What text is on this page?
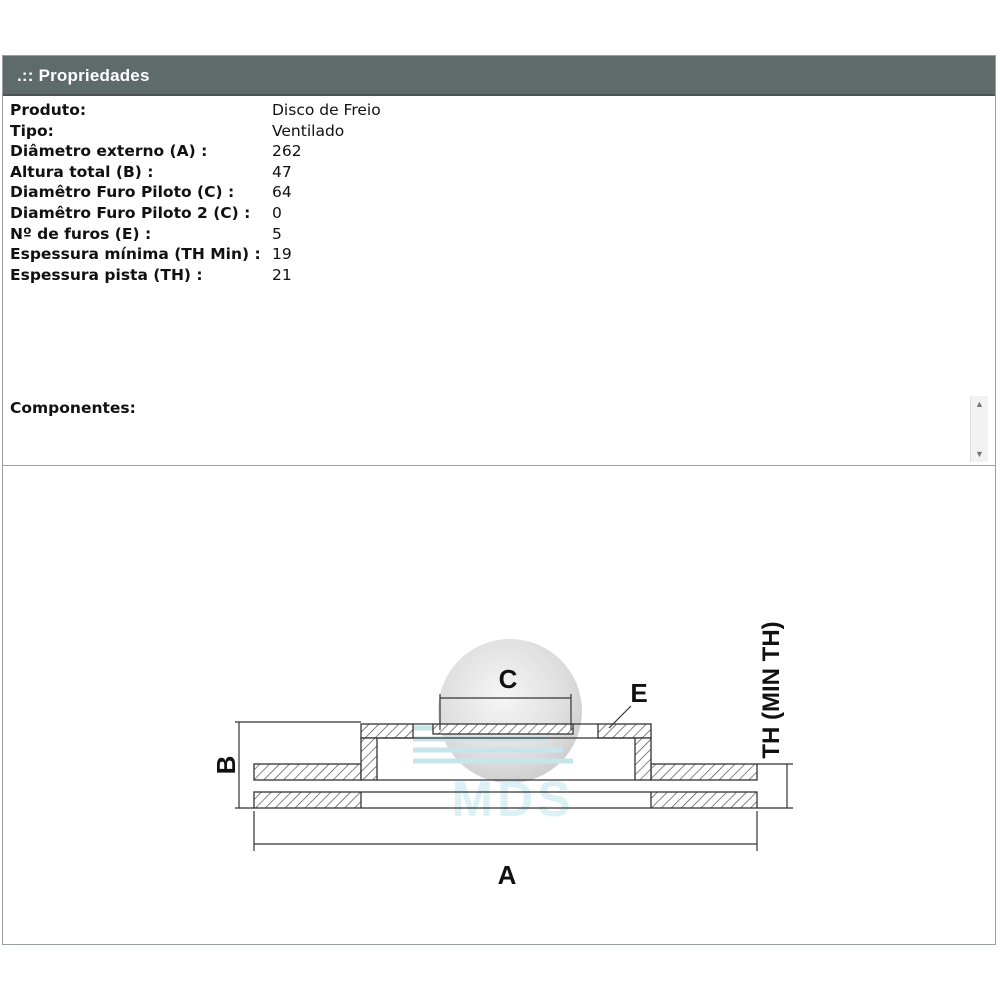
.:: Propriedades
Produto:	Disco de Freio
Tipo:	Ventilado
Diâmetro externo (A) :	262
Altura total (B) :	47
Diamêtro Furo Piloto (C) : 64
Diamêtro Furo Piloto 2 (C) : 0
Nº de furos (E) :	5
Espessura mínima (TH Min) : 19
Espessura pista (TH) :	21
Componentes:	▲
▼
MDS
A
B
C	E	TH (MIN TH)
